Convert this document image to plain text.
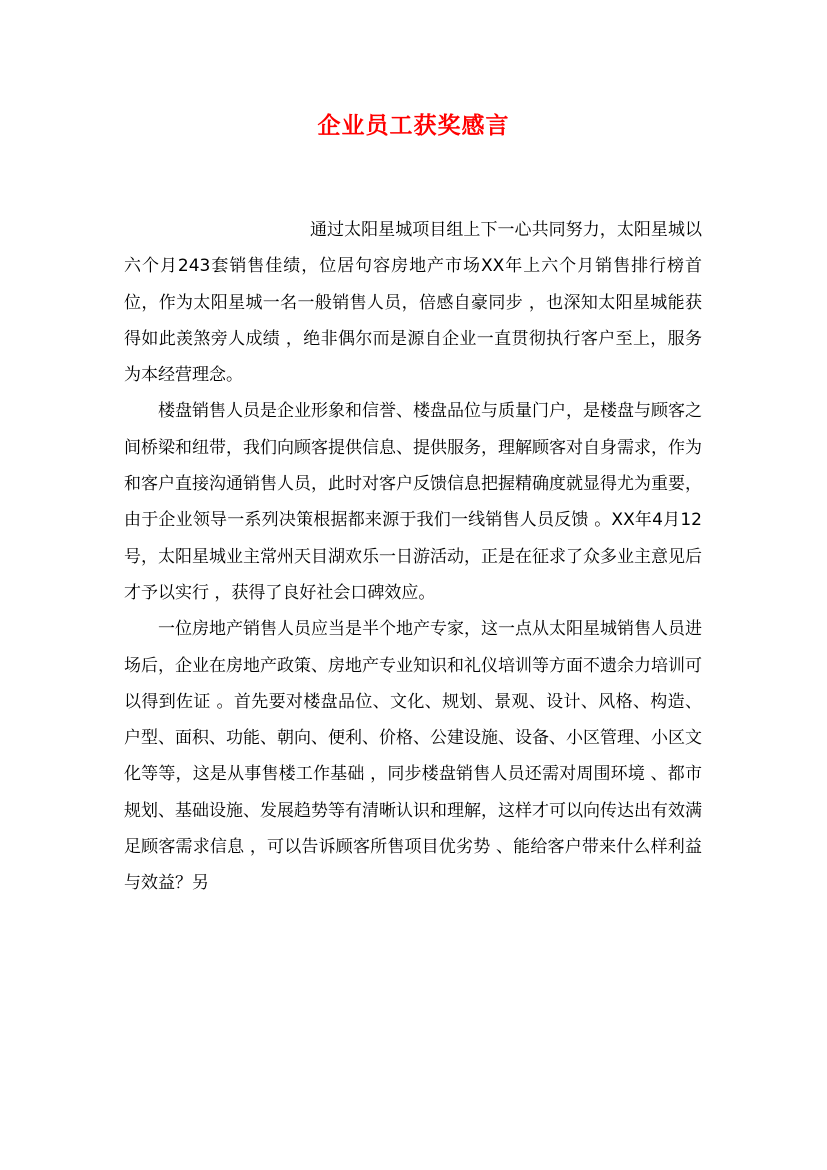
企业员工获奖感言

通过太阳星城项目组上下一心共同努力，太阳星城以六个月243套销售佳绩，位居句容房地产市场XX年上六个月销售排行榜首位，作为太阳星城一名一般销售人员，倍感自豪同步 ，也深知太阳星城能获得如此羡煞旁人成绩 ，绝非偶尔而是源自企业一直贯彻执行客户至上，服务为本经营理念。

楼盘销售人员是企业形象和信誉、楼盘品位与质量门户，是楼盘与顾客之间桥梁和纽带，我们向顾客提供信息、提供服务，理解顾客对自身需求，作为和客户直接沟通销售人员，此时对客户反馈信息把握精确度就显得尤为重要，由于企业领导一系列决策根据都来源于我们一线销售人员反馈 。XX年4月12号，太阳星城业主常州天目湖欢乐一日游活动，正是在征求了众多业主意见后才予以实行 ，获得了良好社会口碑效应。

一位房地产销售人员应当是半个地产专家，这一点从太阳星城销售人员进场后，企业在房地产政策、房地产专业知识和礼仪培训等方面不遗余力培训可以得到佐证 。首先要对楼盘品位、文化、规划、景观、设计、风格、构造、户型、面积、功能、朝向、便利、价格、公建设施、设备、小区管理、小区文化等等，这是从事售楼工作基础 ，同步楼盘销售人员还需对周围环境 、都市规划、基础设施、发展趋势等有清晰认识和理解，这样才可以向传达出有效满足顾客需求信息 ，可以告诉顾客所售项目优劣势 、能给客户带来什么样利益与效益？另
